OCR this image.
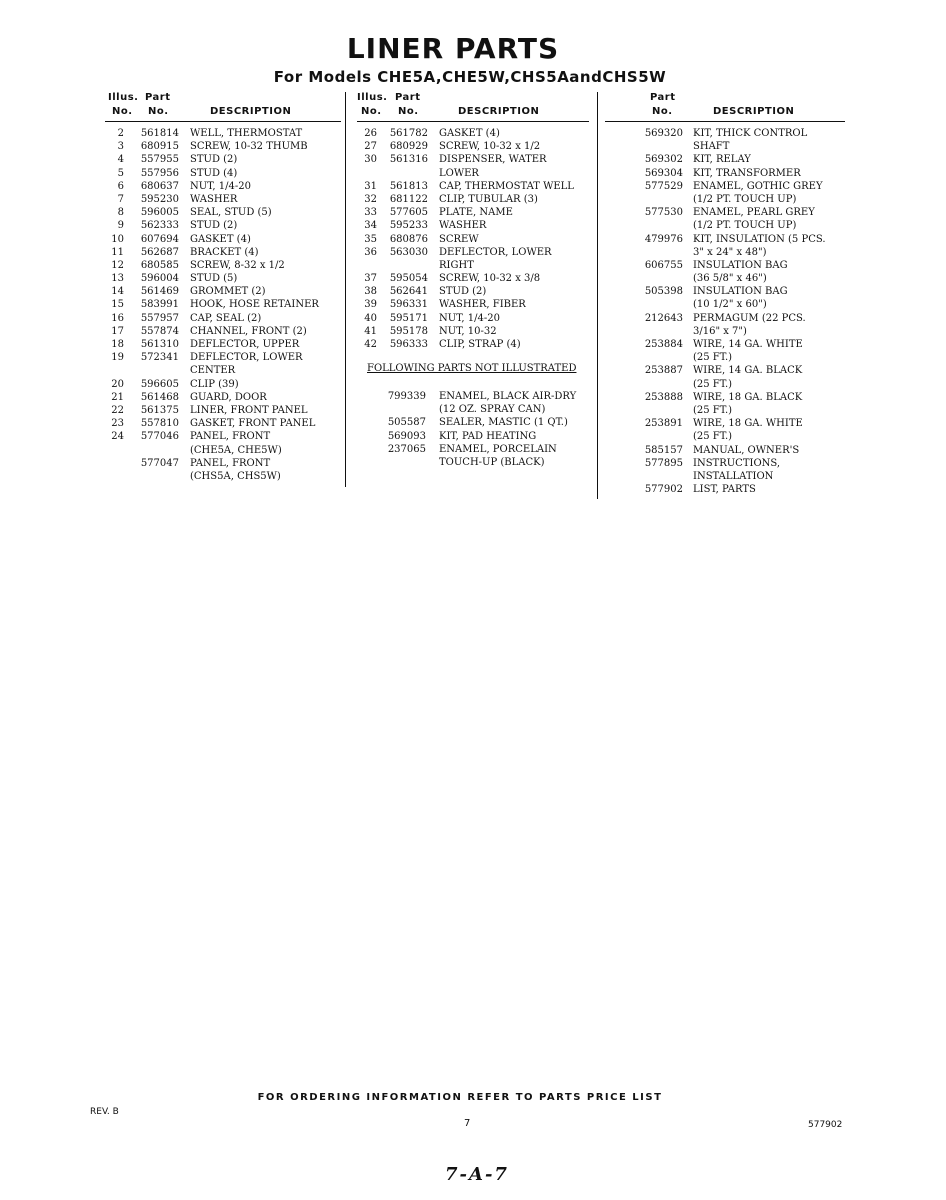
LINER PARTS
For Models CHE5A,CHE5W,CHS5AandCHS5W
Illus. Part
No. No.	DESCRIPTION
Illus. Part
No. No.	DESCRIPTION
Part
No.	DESCRIPTION
2	561814 WELL, THERMOSTAT
3	680915 SCREW, 10-32 THUMB
4	557955 STUD (2)
5	557956 STUD (4)
6	680637 NUT, 1/4-20
7	595230 WASHER
8	596005 SEAL, STUD (5)
9	562333 STUD (2)
10	607694 GASKET (4)
11	562687 BRACKET (4)
12	680585 SCREW, 8-32 x 1/2
13	596004 STUD (5)
14	561469 GROMMET (2)
15	583991 HOOK, HOSE RETAINER
16	557957 CAP, SEAL (2)
17	557874 CHANNEL, FRONT (2)
18	561310 DEFLECTOR, UPPER
19	572341 DEFLECTOR, LOWER
CENTER
20	596605 CLIP (39)
21	561468 GUARD, DOOR
22	561375 LINER, FRONT PANEL
23	557810 GASKET, FRONT PANEL
24	577046 PANEL, FRONT
(CHE5A, CHE5W)
577047 PANEL, FRONT
(CHS5A, CHS5W)
26	561782 GASKET (4)
27	680929 SCREW, 10-32 x 1/2
30	561316 DISPENSER, WATER
LOWER
31	561813 CAP, THERMOSTAT WELL
32	681122 CLIP, TUBULAR (3)
33	577605 PLATE, NAME
34	595233 WASHER
35	680876 SCREW
36	563030 DEFLECTOR, LOWER
RIGHT
37	595054 SCREW, 10-32 x 3/8
38	562641 STUD (2)
39	596331 WASHER, FIBER
40	595171 NUT, 1/4-20
41	595178 NUT, 10-32
42	596333 CLIP, STRAP (4)
FOLLOWING PARTS NOT ILLUSTRATED
799339 ENAMEL, BLACK AIR-DRY
(12 OZ. SPRAY CAN)
505587 SEALER, MASTIC (1 QT.)
569093 KIT, PAD HEATING
237065 ENAMEL, PORCELAIN
TOUCH-UP (BLACK)
569320 KIT, THICK CONTROL
SHAFT
569302 KIT, RELAY
569304 KIT, TRANSFORMER
577529 ENAMEL, GOTHIC GREY
(1/2 PT. TOUCH UP)
577530 ENAMEL, PEARL GREY
(1/2 PT. TOUCH UP)
479976 KIT, INSULATION (5 PCS.
3" x 24" x 48")
606755 INSULATION BAG
(36 5/8" x 46")
505398 INSULATION BAG
(10 1/2" x 60")
212643 PERMAGUM (22 PCS.
3/16" x 7")
253884 WIRE, 14 GA. WHITE
(25 FT.)
253887 WIRE, 14 GA. BLACK
(25 FT.)
253888 WIRE, 18 GA. BLACK
(25 FT.)
253891 WIRE, 18 GA. WHITE
(25 FT.)
585157 MANUAL, OWNER'S
577895 INSTRUCTIONS,
INSTALLATION
577902 LIST, PARTS
FOR ORDERING INFORMATION REFER TO PARTS PRICE LIST
REV. B
7	577902
7-A-7
